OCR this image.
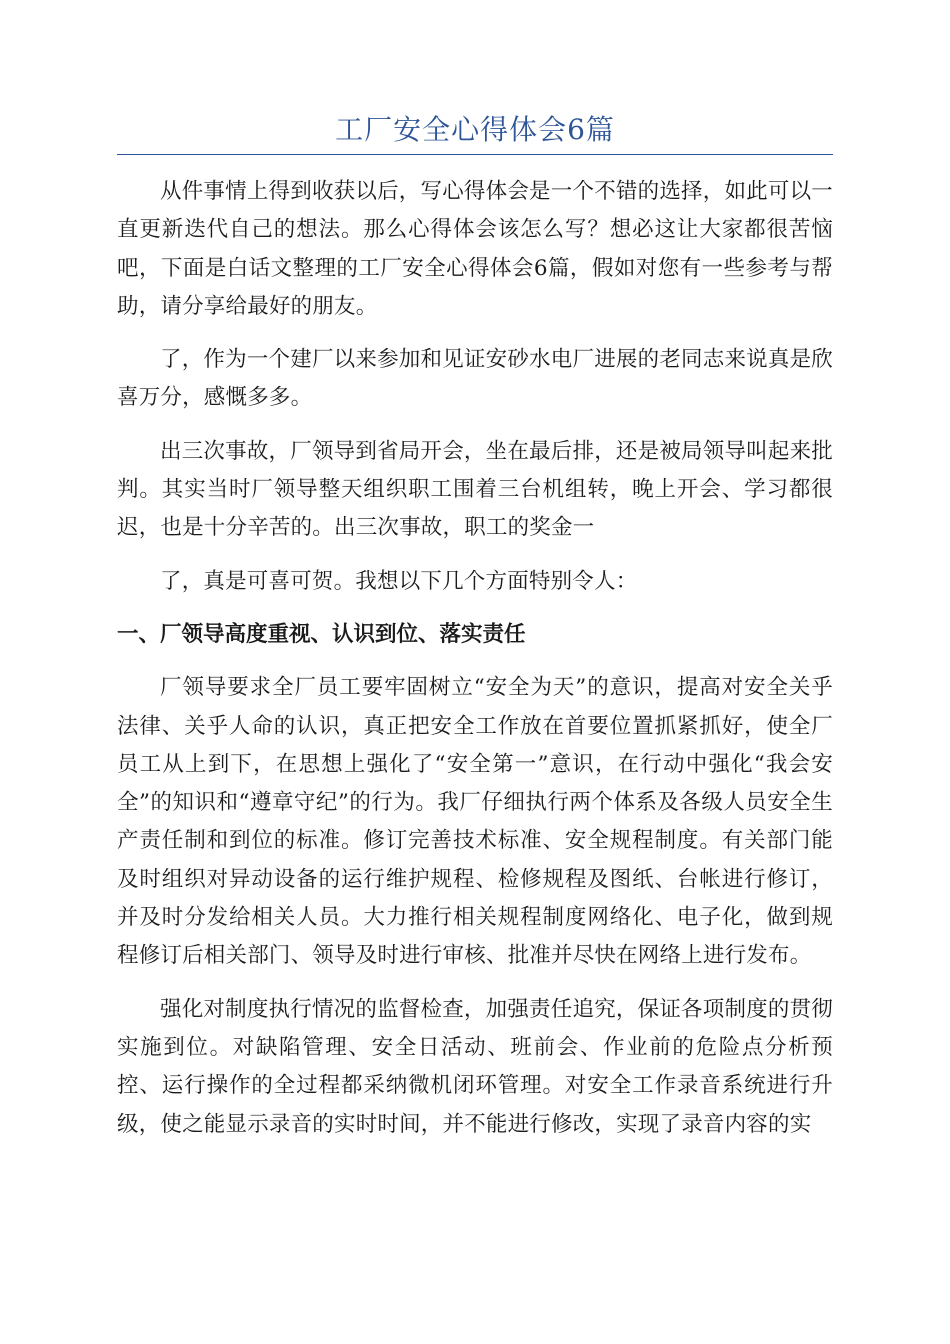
工厂安全心得体会6篇

从件事情上得到收获以后，写心得体会是一个不错的选择，如此可以一直更新迭代自己的想法。那么心得体会该怎么写？想必这让大家都很苦恼吧，下面是白话文整理的工厂安全心得体会6篇，假如对您有一些参考与帮助，请分享给最好的朋友。

了，作为一个建厂以来参加和见证安砂水电厂进展的老同志来说真是欣喜万分，感慨多多。

出三次事故，厂领导到省局开会，坐在最后排，还是被局领导叫起来批判。其实当时厂领导整天组织职工围着三台机组转，晚上开会、学习都很迟，也是十分辛苦的。出三次事故，职工的奖金一

了，真是可喜可贺。我想以下几个方面特别令人：

一、厂领导高度重视、认识到位、落实责任

厂领导要求全厂员工要牢固树立“安全为天”的意识，提高对安全关乎法律、关乎人命的认识，真正把安全工作放在首要位置抓紧抓好，使全厂员工从上到下，在思想上强化了“安全第一”意识，在行动中强化“我会安全”的知识和“遵章守纪”的行为。我厂仔细执行两个体系及各级人员安全生产责任制和到位的标准。修订完善技术标准、安全规程制度。有关部门能及时组织对异动设备的运行维护规程、检修规程及图纸、台帐进行修订，并及时分发给相关人员。大力推行相关规程制度网络化、电子化，做到规程修订后相关部门、领导及时进行审核、批准并尽快在网络上进行发布。

强化对制度执行情况的监督检查，加强责任追究，保证各项制度的贯彻实施到位。对缺陷管理、安全日活动、班前会、作业前的危险点分析预控、运行操作的全过程都采纳微机闭环管理。对安全工作录音系统进行升级，使之能显示录音的实时时间，并不能进行修改，实现了录音内容的实
